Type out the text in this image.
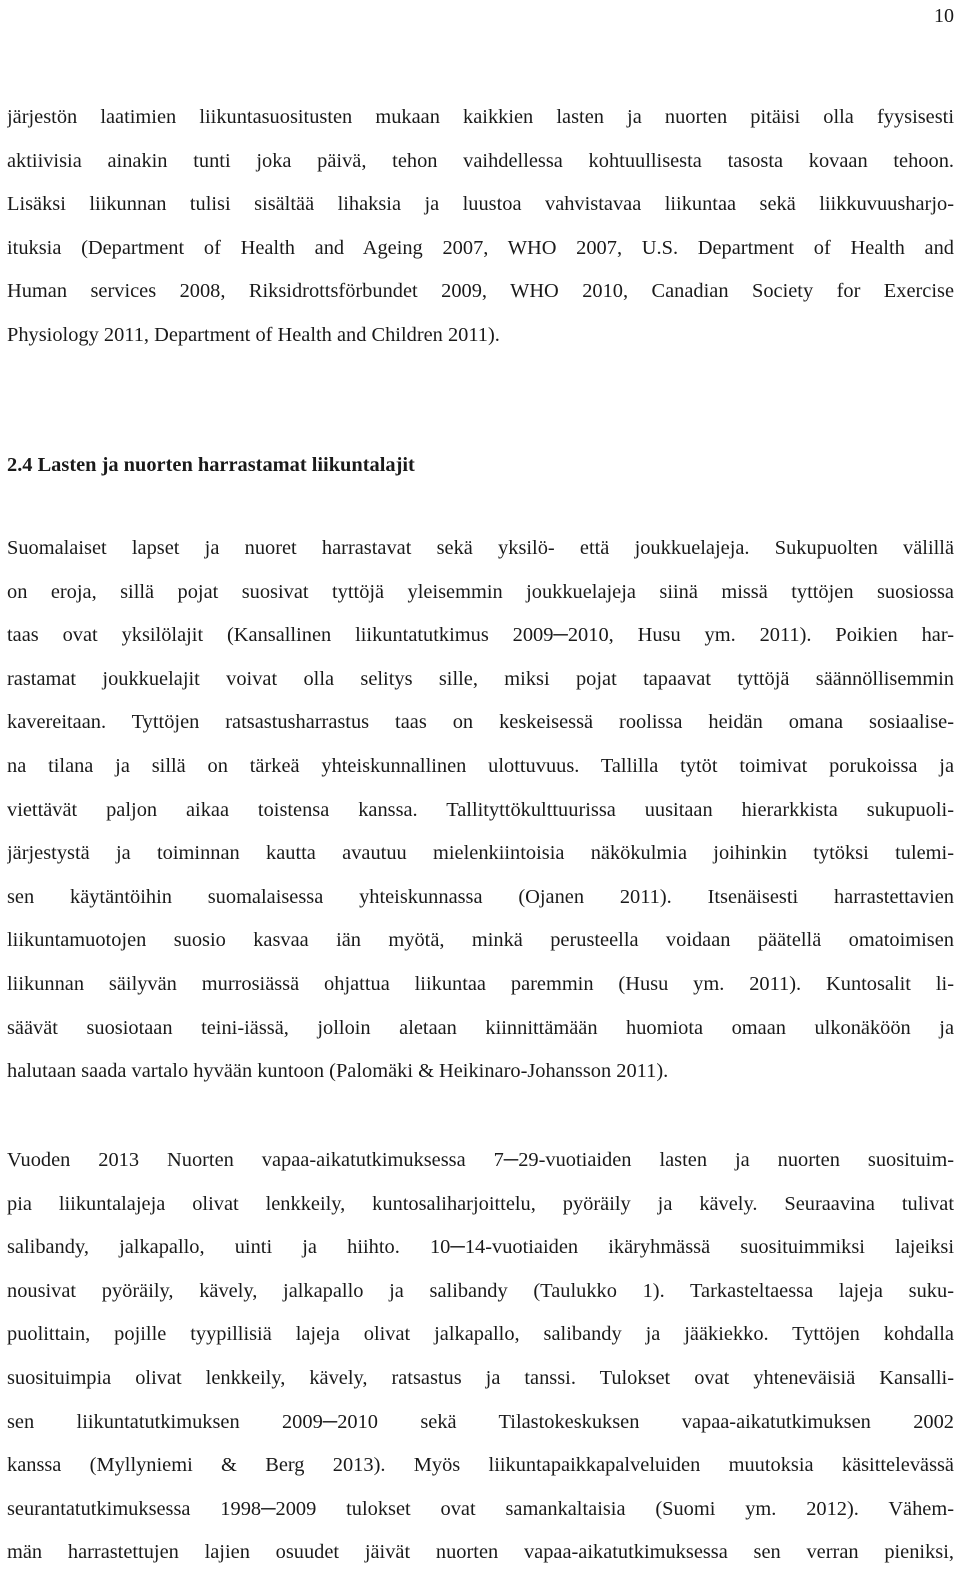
10
järjestön laatimien liikuntasuositusten mukaan kaikkien lasten ja nuorten pitäisi olla fyysisesti
aktiivisia ainakin tunti joka päivä, tehon vaihdellessa kohtuullisesta tasosta kovaan tehoon.
Lisäksi liikunnan tulisi sisältää lihaksia ja luustoa vahvistavaa liikuntaa sekä liikkuvuusharjo-
ituksia (Department of Health and Ageing 2007, WHO 2007, U.S. Department of Health and
Human services 2008, Riksidrottsförbundet 2009, WHO 2010, Canadian Society for Exercise
Physiology 2011, Department of Health and Children 2011).
2.4 Lasten ja nuorten harrastamat liikuntalajit
Suomalaiset lapset ja nuoret harrastavat sekä yksilö- että joukkuelajeja. Sukupuolten välillä
on eroja, sillä pojat suosivat tyttöjä yleisemmin joukkuelajeja siinä missä tyttöjen suosiossa
taas ovat yksilölajit (Kansallinen liikuntatutkimus 2009─2010, Husu ym. 2011). Poikien har-
rastamat joukkuelajit voivat olla selitys sille, miksi pojat tapaavat tyttöjä säännöllisemmin
kavereitaan. Tyttöjen ratsastusharrastus taas on keskeisessä roolissa heidän omana sosiaalise-
na tilana ja sillä on tärkeä yhteiskunnallinen ulottuvuus. Tallilla tytöt toimivat porukoissa ja
viettävät paljon aikaa toistensa kanssa. Tallityttökulttuurissa uusitaan hierarkkista sukupuoli-
järjestystä ja toiminnan kautta avautuu mielenkiintoisia näkökulmia joihinkin tytöksi tulemi-
sen käytäntöihin suomalaisessa yhteiskunnassa (Ojanen 2011). Itsenäisesti harrastettavien
liikuntamuotojen suosio kasvaa iän myötä, minkä perusteella voidaan päätellä omatoimisen
liikunnan säilyvän murrosiässä ohjattua liikuntaa paremmin (Husu ym. 2011). Kuntosalit li-
säävät suosiotaan teini-iässä, jolloin aletaan kiinnittämään huomiota omaan ulkonäköön ja
halutaan saada vartalo hyvään kuntoon (Palomäki & Heikinaro-Johansson 2011).
Vuoden 2013 Nuorten vapaa-aikatutkimuksessa 7─29-vuotiaiden lasten ja nuorten suosituim-
pia liikuntalajeja olivat lenkkeily, kuntosaliharjoittelu, pyöräily ja kävely. Seuraavina tulivat
salibandy, jalkapallo, uinti ja hiihto. 10─14-vuotiaiden ikäryhmässä suosituimmiksi lajeiksi
nousivat pyöräily, kävely, jalkapallo ja salibandy (Taulukko 1). Tarkasteltaessa lajeja suku-
puolittain, pojille tyypillisiä lajeja olivat jalkapallo, salibandy ja jääkiekko. Tyttöjen kohdalla
suosituimpia olivat lenkkeily, kävely, ratsastus ja tanssi. Tulokset ovat yhteneväisiä Kansalli-
sen liikuntatutkimuksen 2009─2010 sekä Tilastokeskuksen vapaa-aikatutkimuksen 2002
kanssa (Myllyniemi & Berg 2013). Myös liikuntapaikkapalveluiden muutoksia käsittelevässä
seurantatutkimuksessa 1998─2009 tulokset ovat samankaltaisia (Suomi ym. 2012). Vähem-
män harrastettujen lajien osuudet jäivät nuorten vapaa-aikatutkimuksessa sen verran pieniksi,
